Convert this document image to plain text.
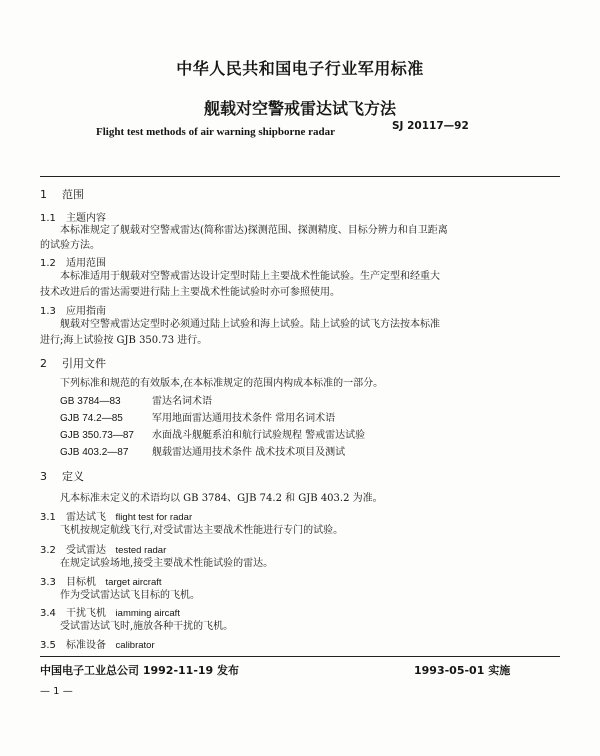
中华人民共和国电子行业军用标准
舰载对空警戒雷达试飞方法
SJ 20117—92
Flight test methods of air warning shipborne radar
1 范围
1.1 主题内容
本标准规定了舰载对空警戒雷达(简称雷达)探测范围、探测精度、目标分辨力和自卫距离
的试验方法。
1.2 适用范围
本标准适用于舰载对空警戒雷达设计定型时陆上主要战术性能试验。生产定型和经重大
技术改进后的雷达需要进行陆上主要战术性能试验时亦可参照使用。
1.3 应用指南
舰载对空警戒雷达定型时必须通过陆上试验和海上试验。陆上试验的试飞方法按本标准
进行;海上试验按 GJB 350.73 进行。
2 引用文件
下列标准和规范的有效版本,在本标准规定的范围内构成本标准的一部分。
GB 3784—83	雷达名词术语
GJB 74.2—85	军用地面雷达通用技术条件 常用名词术语
GJB 350.73—87 水面战斗舰艇系泊和航行试验规程 警戒雷达试验
GJB 403.2—87 舰载雷达通用技术条件 战术技术项目及测试
3 定义
凡本标准未定义的术语均以 GB 3784、GJB 74.2 和 GJB 403.2 为准。
3.1 雷达试飞 flight test for radar
飞机按规定航线飞行,对受试雷达主要战术性能进行专门的试验。
3.2 受试雷达 tested radar
在规定试验场地,接受主要战术性能试验的雷达。
3.3 目标机 target aircraft
作为受试雷达试飞目标的飞机。
3.4 干扰飞机 iamming aircaft
受试雷达试飞时,施放各种干扰的飞机。
3.5 标准设备 calibrator
中国电子工业总公司 1992-11-19 发布	1993-05-01 实施
— 1 —
